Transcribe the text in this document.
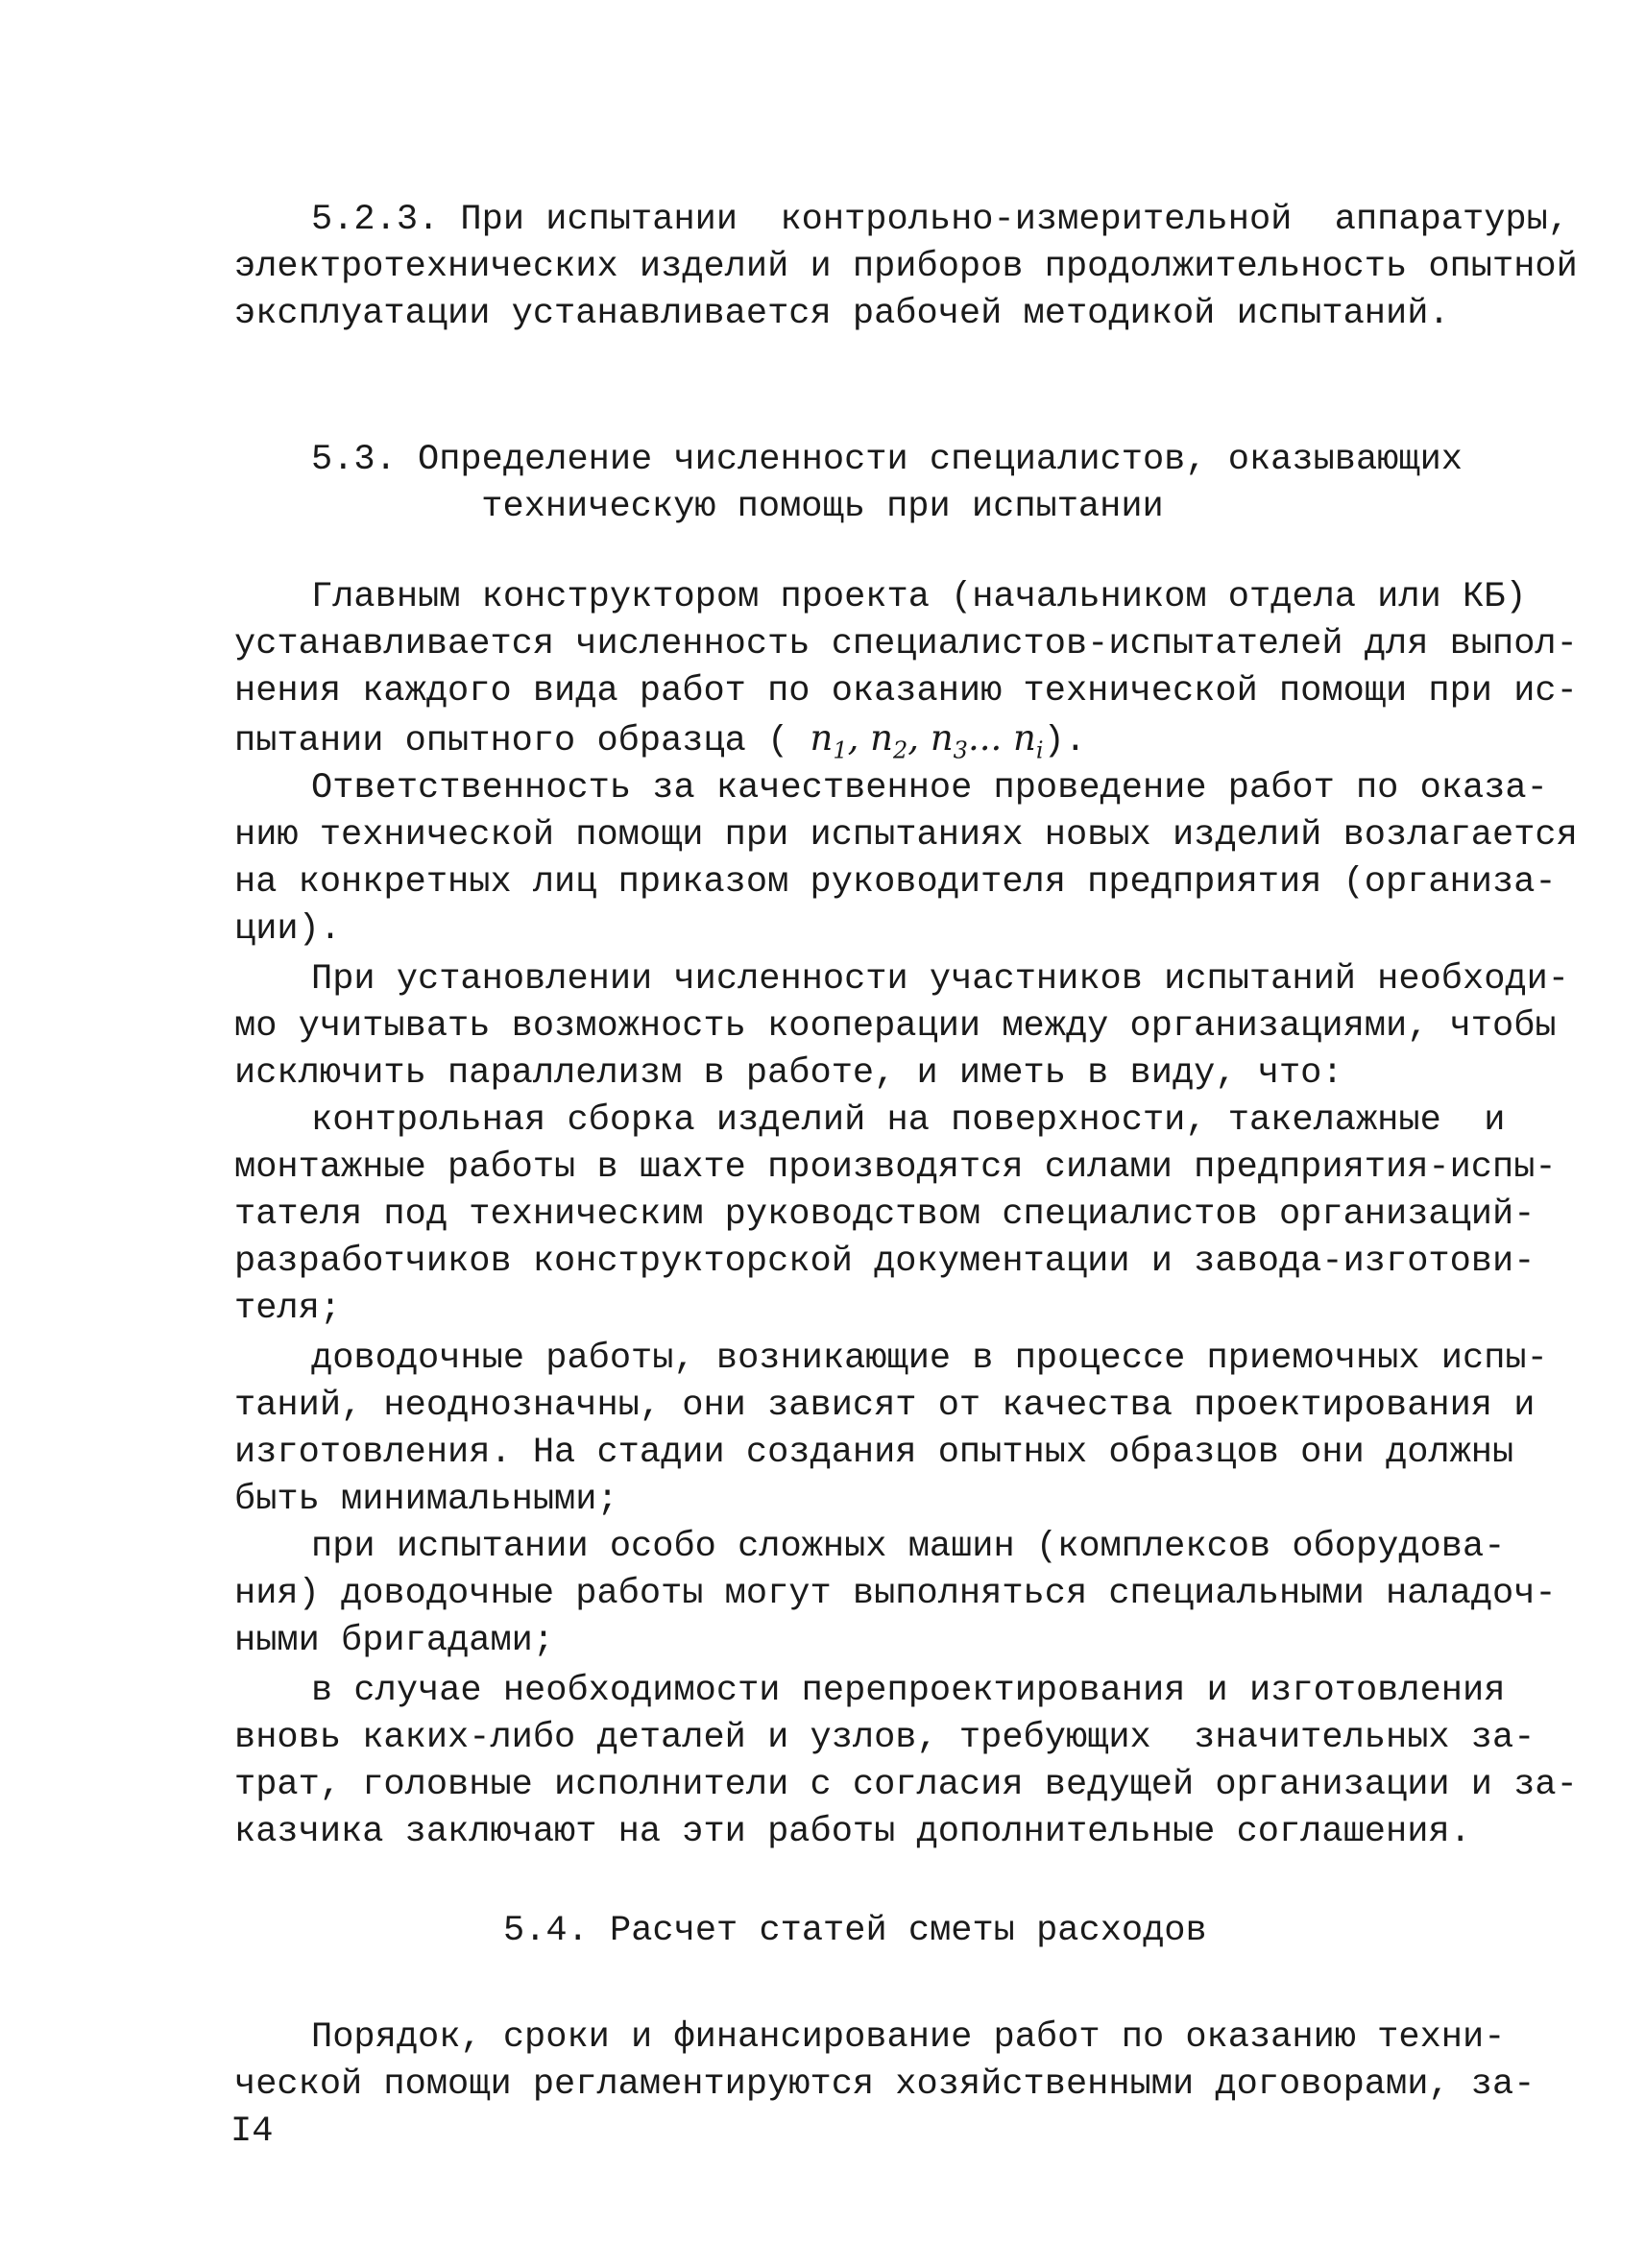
5.2.3. При испытании  контрольно-измерительной  аппаратуры,
электротехнических изделий и приборов продолжительность опытной
эксплуатации устанавливается рабочей методикой испытаний.
5.3. Определение численности специалистов, оказывающих
техническую помощь при испытании
Главным конструктором проекта (начальником отдела или КБ)
устанавливается численность специалистов-испытателей для выпол-
нения каждого вида работ по оказанию технической помощи при ис-
пытании опытного образца ( $n_1$, $n_2$, $n_3$... $n_i$).
Ответственность за качественное проведение работ по оказа-
нию технической помощи при испытаниях новых изделий возлагается
на конкретных лиц приказом руководителя предприятия (организа-
ции).
При установлении численности участников испытаний необходи-
мо учитывать возможность кооперации между организациями, чтобы
исключить параллелизм в работе, и иметь в виду, что:
контрольная сборка изделий на поверхности, такелажные  и
монтажные работы в шахте производятся силами предприятия-испы-
тателя под техническим руководством специалистов организаций-
разработчиков конструкторской документации и завода-изготови-
теля;
доводочные работы, возникающие в процессе приемочных испы-
таний, неоднозначны, они зависят от качества проектирования и
изготовления. На стадии создания опытных образцов они должны
быть минимальными;
при испытании особо сложных машин (комплексов оборудова-
ния) доводочные работы могут выполняться специальными наладоч-
ными бригадами;
в случае необходимости перепроектирования и изготовления
вновь каких-либо деталей и узлов, требующих  значительных за-
трат, головные исполнители с согласия ведущей организации и за-
казчика заключают на эти работы дополнительные соглашения.
5.4. Расчет статей сметы расходов
Порядок, сроки и финансирование работ по оказанию техни-
ческой помощи регламентируются хозяйственными договорами, за-
I4
